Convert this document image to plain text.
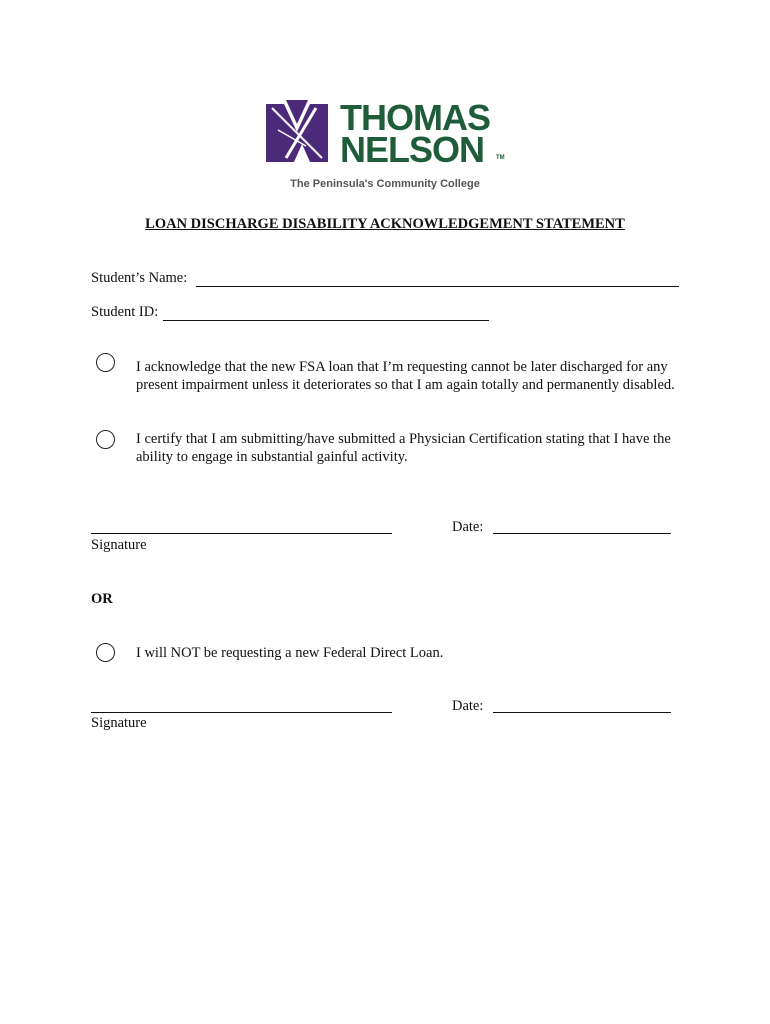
THOMAS
NELSON TM
The Peninsula's Community College
LOAN DISCHARGE DISABILITY ACKNOWLEDGEMENT STATEMENT
Student’s Name:
Student ID:
I acknowledge that the new FSA loan that I’m requesting cannot be later discharged for any present impairment unless it deteriorates so that I am again totally and permanently disabled.
I certify that I am submitting/have submitted a Physician Certification stating that I have the ability to engage in substantial gainful activity.
Signature
Date:
OR
I will NOT be requesting a new Federal Direct Loan.
Signature
Date:
